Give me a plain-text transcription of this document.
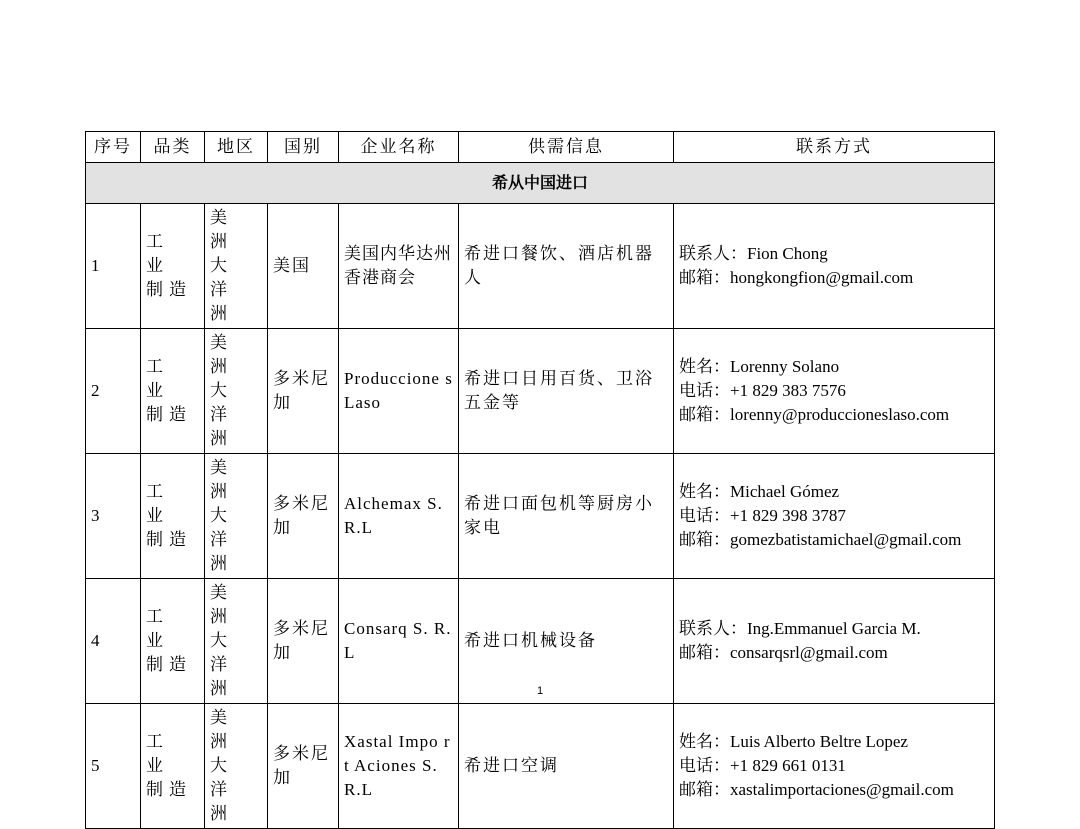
序号	品类	地区	国别	企业名称	供需信息	联系方式
希从中国进口						
1	工 业 制造	美 洲 大 洋 洲	美国	美国内华达州香港商会	希进口餐饮、酒店机器人	联系人：Fion Chong
邮箱：hongkongfion@gmail.com

2	工 业 制造	美 洲 大 洋 洲	多米尼加	Produccione s Laso	希进口日用百货、卫浴五金等	姓名：Lorenny Solano
电话：+1 829 383 7576
邮箱：lorenny@produccioneslaso.com

3	工 业 制造	美 洲 大 洋 洲	多米尼加	Alchemax S.R.L	希进口面包机等厨房小家电	姓名：Michael Gómez
电话：+1 829 398 3787
邮箱：gomezbatistamichael@gmail.com

4	工 业 制造	美 洲 大 洋 洲	多米尼加	Consarq S. R.L	希进口机械设备	联系人：Ing.Emmanuel Garcia M.
邮箱：consarqsrl@gmail.com

5	工 业 制造	美 洲 大 洋 洲	多米尼加	Xastal Impo rt Aciones S.R.L	希进口空调	姓名：Luis Alberto Beltre Lopez
电话：+1 829 661 0131
邮箱：xastalimportaciones@gmail.com
1
